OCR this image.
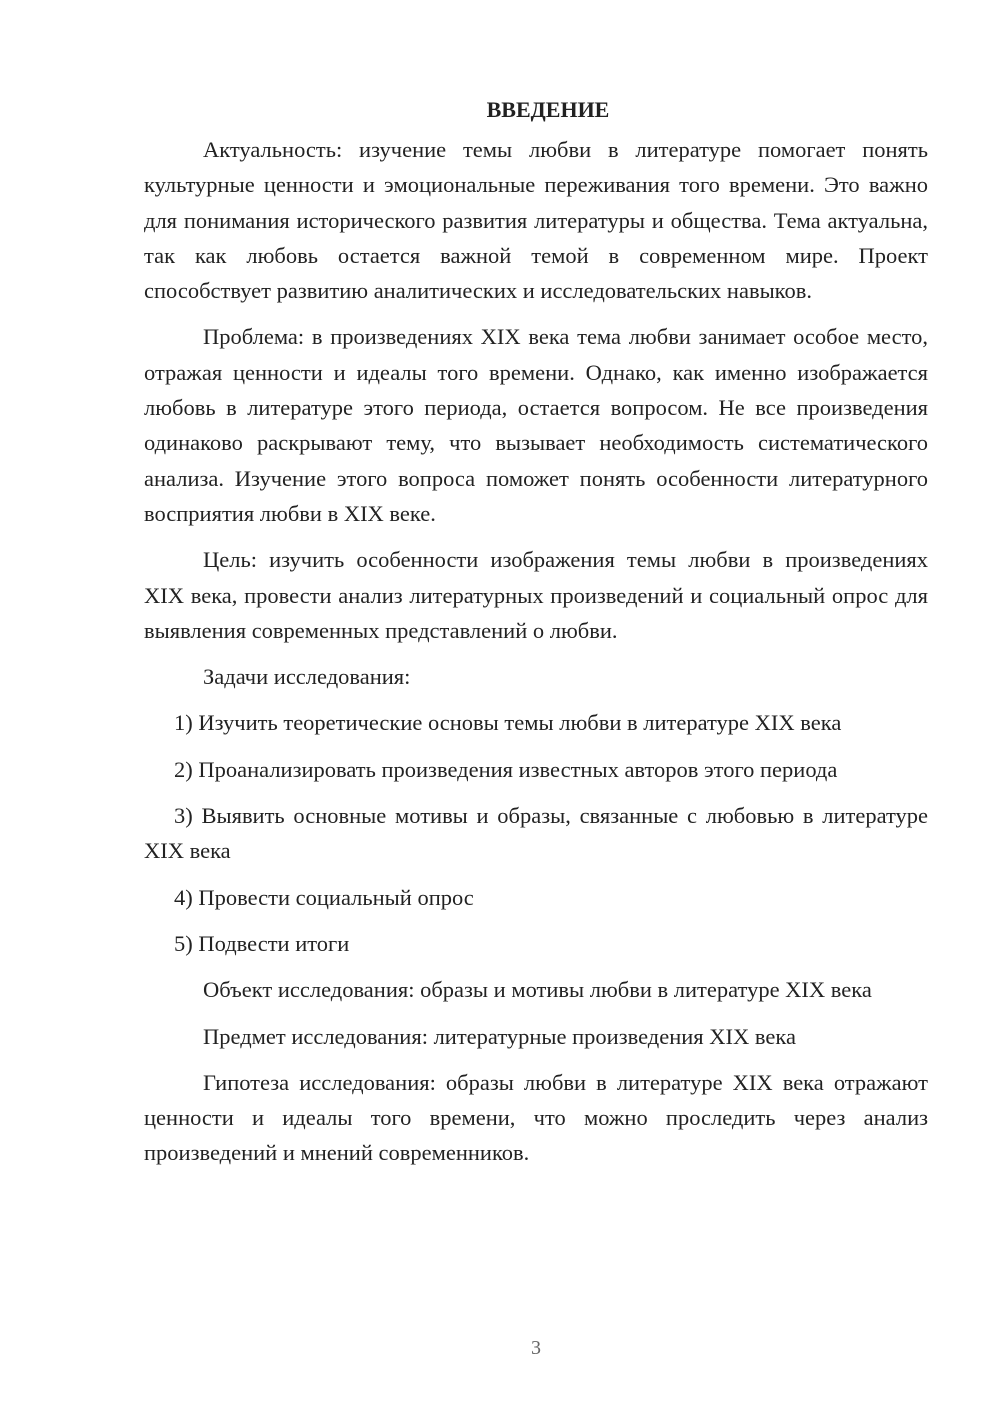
ВВЕДЕНИЕ

Актуальность: изучение темы любви в литературе помогает понять культурные ценности и эмоциональные переживания того времени. Это важно для понимания исторического развития литературы и общества. Тема актуальна, так как любовь остается важной темой в современном мире. Проект способствует развитию аналитических и исследовательских навыков.

Проблема: в произведениях XIX века тема любви занимает особое место, отражая ценности и идеалы того времени. Однако, как именно изображается любовь в литературе этого периода, остается вопросом. Не все произведения одинаково раскрывают тему, что вызывает необходимость систематического анализа. Изучение этого вопроса поможет понять особенности литературного восприятия любви в XIX веке.

Цель: изучить особенности изображения темы любви в произведениях XIX века, провести анализ литературных произведений и социальный опрос для выявления современных представлений о любви.

Задачи исследования:

1) Изучить теоретические основы темы любви в литературе XIX века

2) Проанализировать произведения известных авторов этого периода

3) Выявить основные мотивы и образы, связанные с любовью в литературе XIX века

4) Провести социальный опрос

5) Подвести итоги

Объект исследования: образы и мотивы любви в литературе XIX века

Предмет исследования: литературные произведения XIX века

Гипотеза исследования: образы любви в литературе XIX века отражают ценности и идеалы того времени, что можно проследить через анализ произведений и мнений современников.

3
